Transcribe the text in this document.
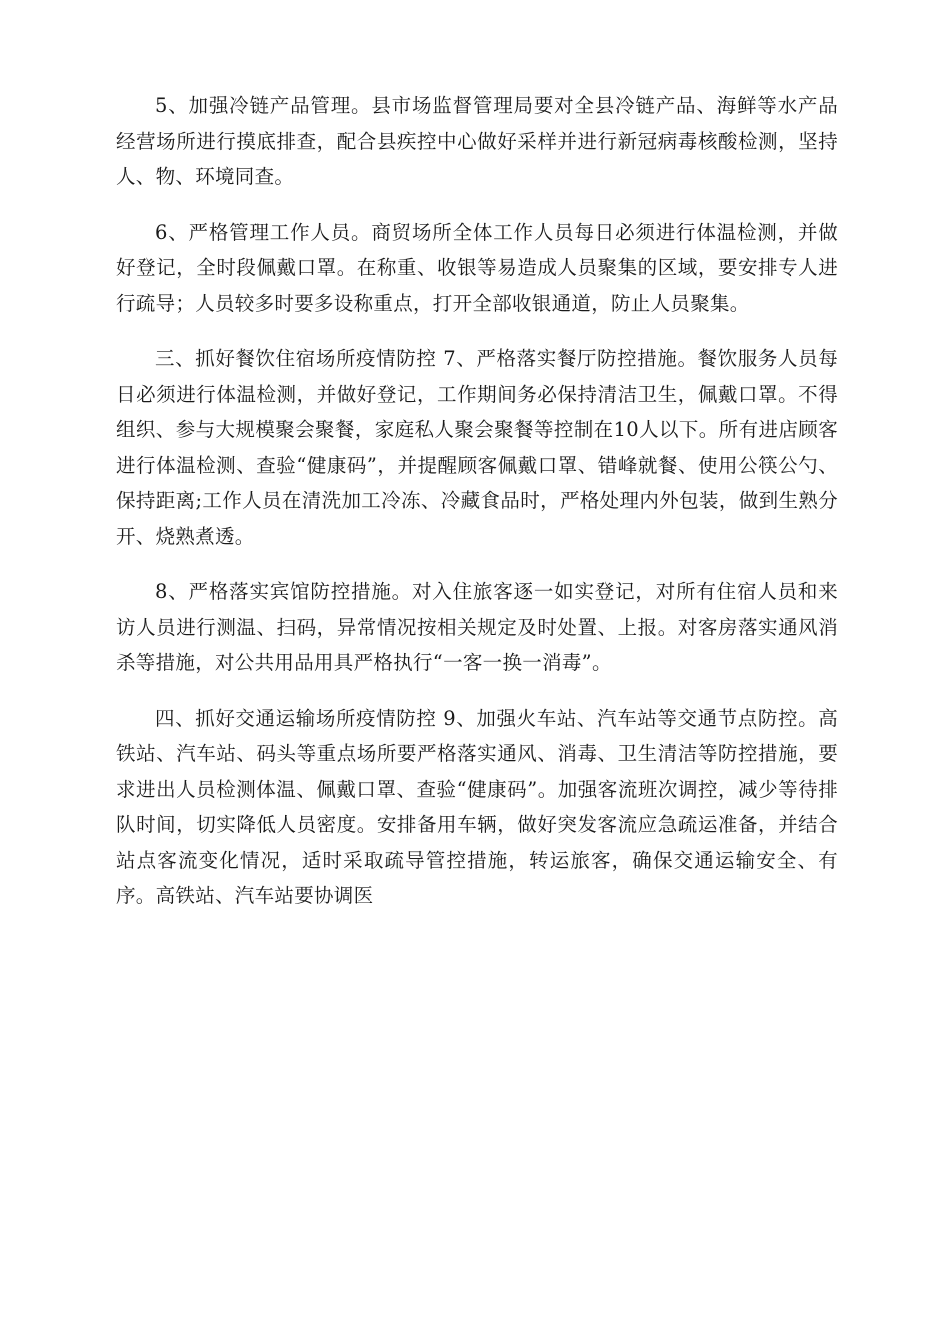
5、加强冷链产品管理。县市场监督管理局要对全县冷链产品、海鲜等水产品经营场所进行摸底排查，配合县疾控中心做好采样并进行新冠病毒核酸检测，坚持人、物、环境同查。

6、严格管理工作人员。商贸场所全体工作人员每日必须进行体温检测，并做好登记，全时段佩戴口罩。在称重、收银等易造成人员聚集的区域，要安排专人进行疏导；人员较多时要多设称重点，打开全部收银通道，防止人员聚集。

三、抓好餐饮住宿场所疫情防控 7、严格落实餐厅防控措施。餐饮服务人员每日必须进行体温检测，并做好登记，工作期间务必保持清洁卫生，佩戴口罩。不得组织、参与大规模聚会聚餐，家庭私人聚会聚餐等控制在10人以下。所有进店顾客进行体温检测、查验“健康码”，并提醒顾客佩戴口罩、错峰就餐、使用公筷公勺、保持距离;工作人员在清洗加工冷冻、冷藏食品时，严格处理内外包装，做到生熟分开、烧熟煮透。

8、严格落实宾馆防控措施。对入住旅客逐一如实登记，对所有住宿人员和来访人员进行测温、扫码，异常情况按相关规定及时处置、上报。对客房落实通风消杀等措施，对公共用品用具严格执行“一客一换一消毒”。

四、抓好交通运输场所疫情防控 9、加强火车站、汽车站等交通节点防控。高铁站、汽车站、码头等重点场所要严格落实通风、消毒、卫生清洁等防控措施，要求进出人员检测体温、佩戴口罩、查验“健康码”。加强客流班次调控，减少等待排队时间，切实降低人员密度。安排备用车辆，做好突发客流应急疏运准备，并结合站点客流变化情况，适时采取疏导管控措施，转运旅客，确保交通运输安全、有序。高铁站、汽车站要协调医
